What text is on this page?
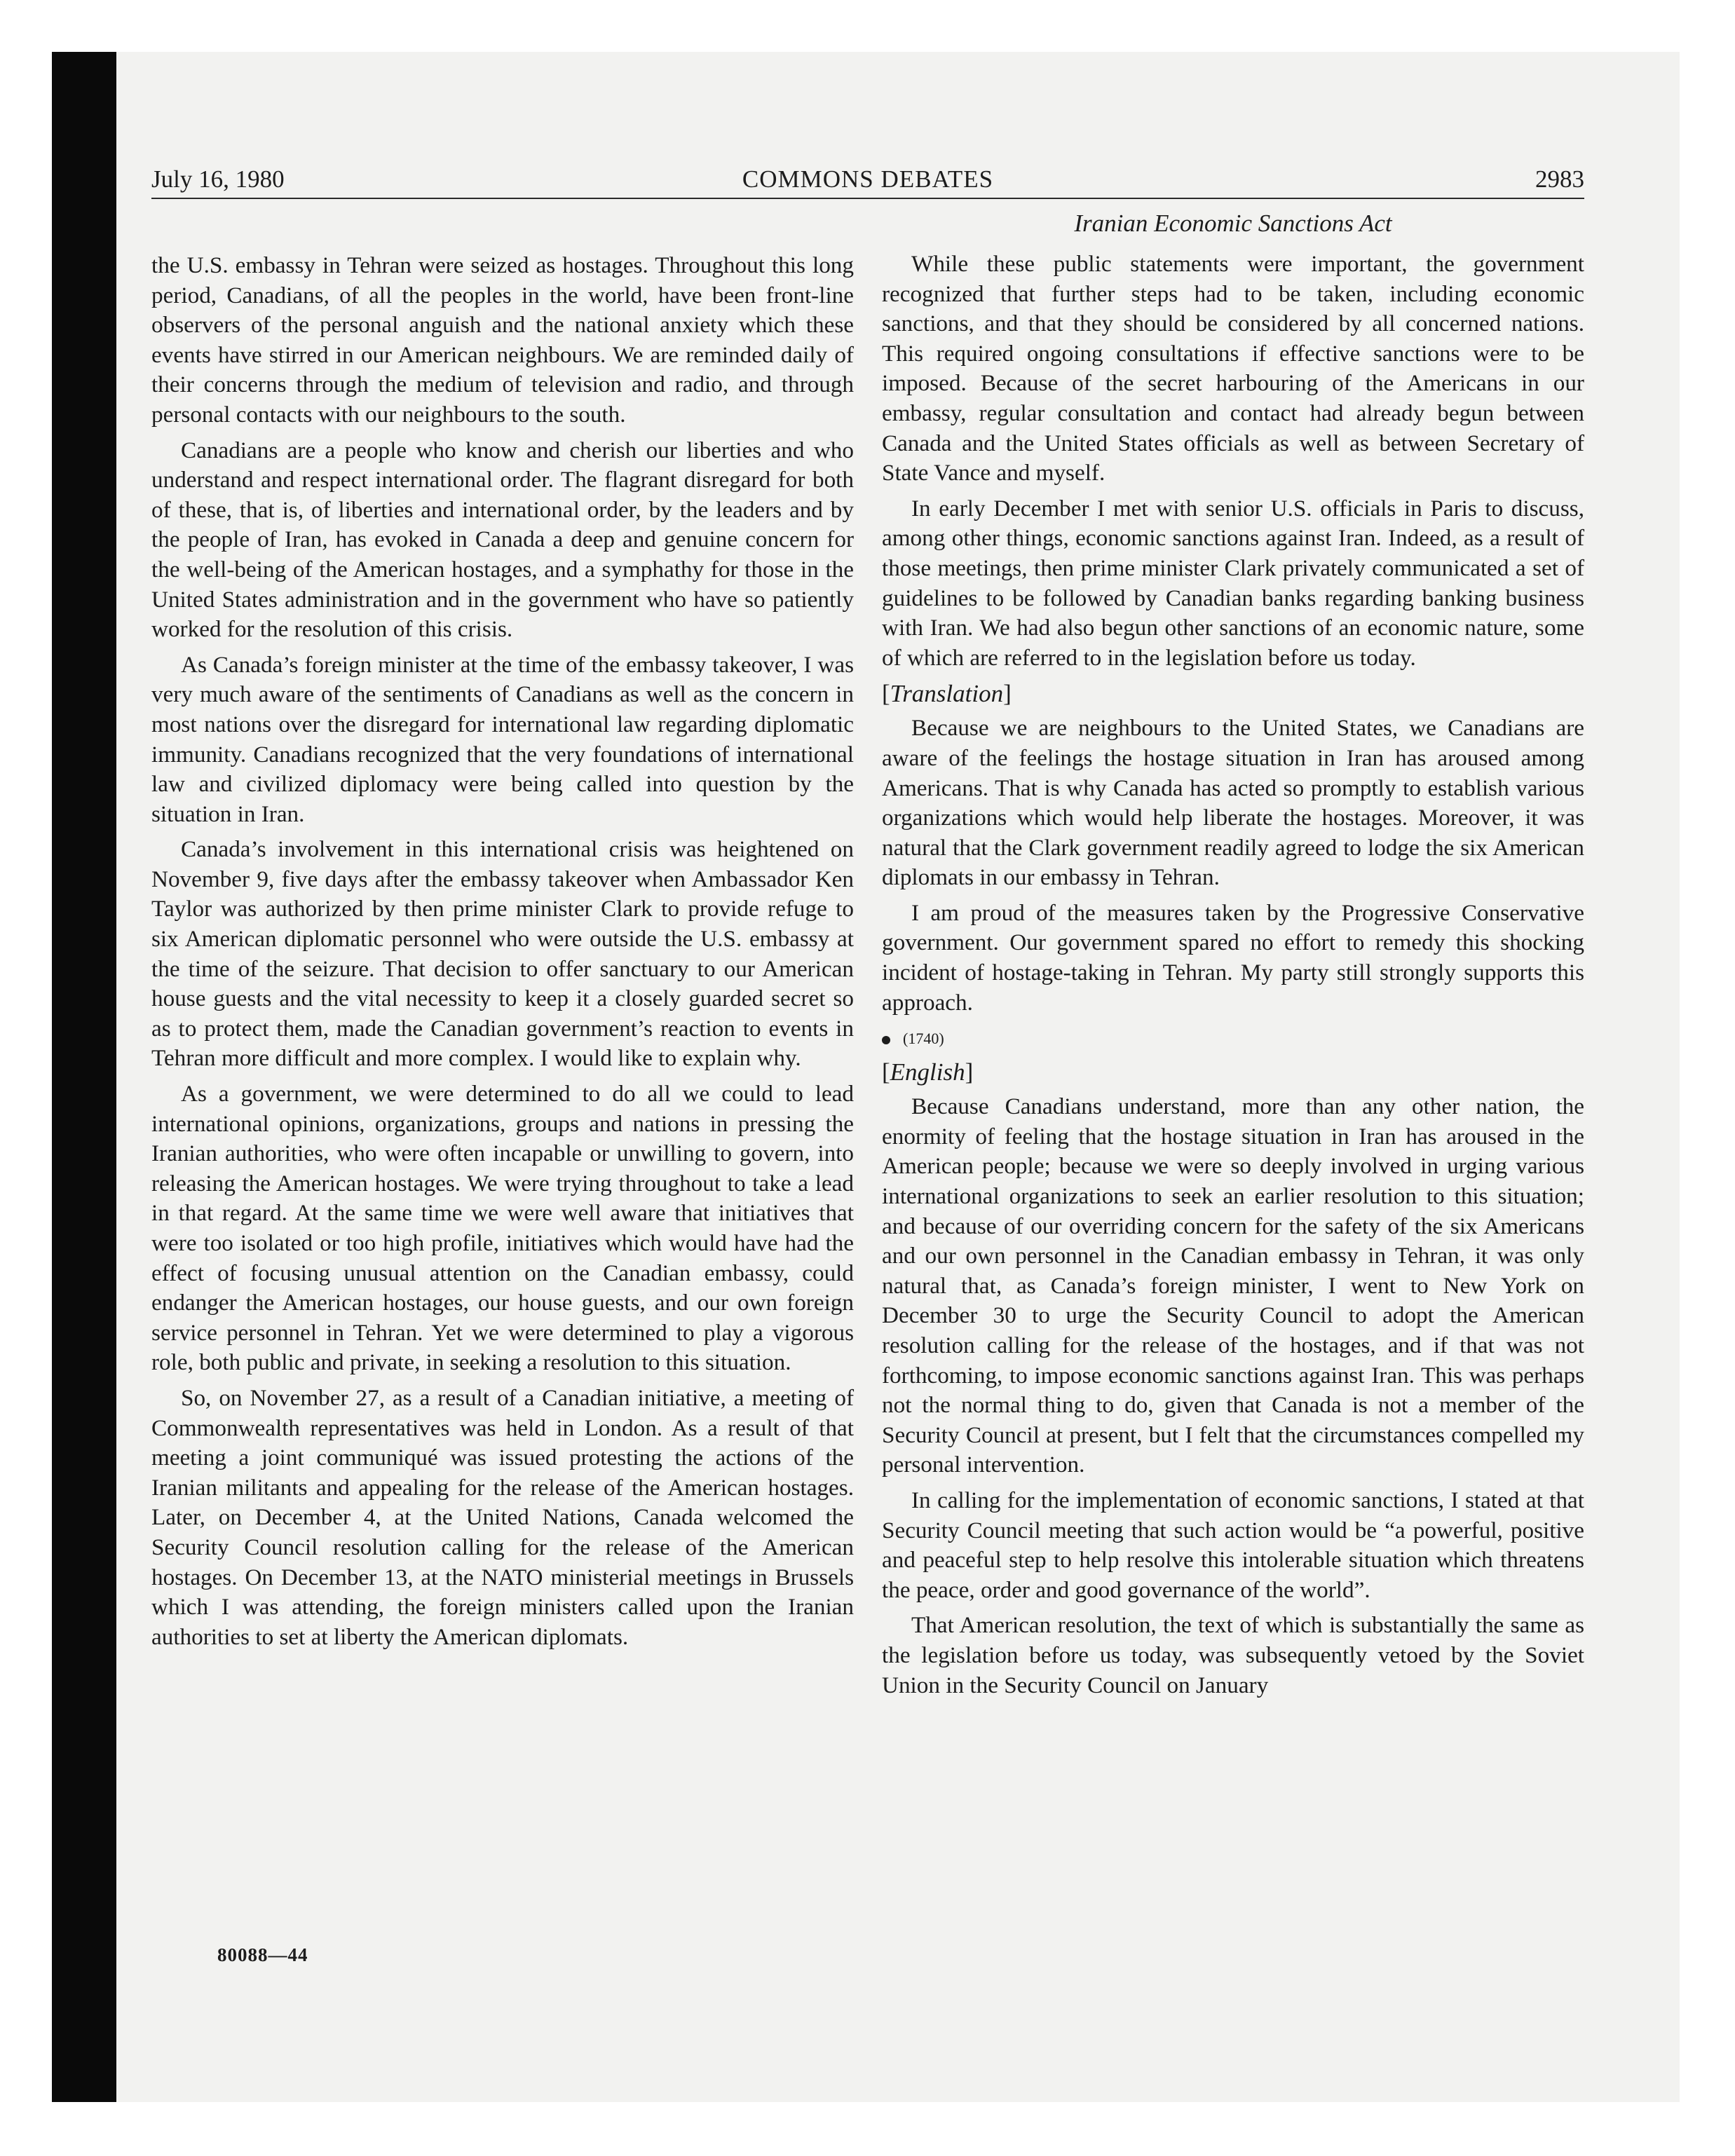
July 16, 1980	COMMONS DEBATES	2983
Iranian Economic Sanctions Act

the U.S. embassy in Tehran were seized as hostages. Throughout this long period, Canadians, of all the peoples in the world, have been front-line observers of the personal anguish and the national anxiety which these events have stirred in our American neighbours. We are reminded daily of their concerns through the medium of television and radio, and through personal contacts with our neighbours to the south.

Canadians are a people who know and cherish our liberties and who understand and respect international order. The flagrant disregard for both of these, that is, of liberties and international order, by the leaders and by the people of Iran, has evoked in Canada a deep and genuine concern for the well-being of the American hostages, and a symphathy for those in the United States administration and in the government who have so patiently worked for the resolution of this crisis.

As Canada’s foreign minister at the time of the embassy takeover, I was very much aware of the sentiments of Canadians as well as the concern in most nations over the disregard for international law regarding diplomatic immunity. Canadians recognized that the very foundations of international law and civilized diplomacy were being called into question by the situation in Iran.

Canada’s involvement in this international crisis was heightened on November 9, five days after the embassy takeover when Ambassador Ken Taylor was authorized by then prime minister Clark to provide refuge to six American diplomatic personnel who were outside the U.S. embassy at the time of the seizure. That decision to offer sanctuary to our American house guests and the vital necessity to keep it a closely guarded secret so as to protect them, made the Canadian government’s reaction to events in Tehran more difficult and more complex. I would like to explain why.

As a government, we were determined to do all we could to lead international opinions, organizations, groups and nations in pressing the Iranian authorities, who were often incapable or unwilling to govern, into releasing the American hostages. We were trying throughout to take a lead in that regard. At the same time we were well aware that initiatives that were too isolated or too high profile, initiatives which would have had the effect of focusing unusual attention on the Canadian embassy, could endanger the American hostages, our house guests, and our own foreign service personnel in Tehran. Yet we were determined to play a vigorous role, both public and private, in seeking a resolution to this situation.

So, on November 27, as a result of a Canadian initiative, a meeting of Commonwealth representatives was held in London. As a result of that meeting a joint communiqué was issued protesting the actions of the Iranian militants and appealing for the release of the American hostages. Later, on December 4, at the United Nations, Canada welcomed the Security Council resolution calling for the release of the American hostages. On December 13, at the NATO ministerial meetings in Brussels which I was attending, the foreign ministers called upon the Iranian authorities to set at liberty the American diplomats.

While these public statements were important, the government recognized that further steps had to be taken, including economic sanctions, and that they should be considered by all concerned nations. This required ongoing consultations if effective sanctions were to be imposed. Because of the secret harbouring of the Americans in our embassy, regular consultation and contact had already begun between Canada and the United States officials as well as between Secretary of State Vance and myself.

In early December I met with senior U.S. officials in Paris to discuss, among other things, economic sanctions against Iran. Indeed, as a result of those meetings, then prime minister Clark privately communicated a set of guidelines to be followed by Canadian banks regarding banking business with Iran. We had also begun other sanctions of an economic nature, some of which are referred to in the legislation before us today.

[Translation]

Because we are neighbours to the United States, we Canadians are aware of the feelings the hostage situation in Iran has aroused among Americans. That is why Canada has acted so promptly to establish various organizations which would help liberate the hostages. Moreover, it was natural that the Clark government readily agreed to lodge the six American diplomats in our embassy in Tehran.

I am proud of the measures taken by the Progressive Conservative government. Our government spared no effort to remedy this shocking incident of hostage-taking in Tehran. My party still strongly supports this approach.

(1740)
[English]

Because Canadians understand, more than any other nation, the enormity of feeling that the hostage situation in Iran has aroused in the American people; because we were so deeply involved in urging various international organizations to seek an earlier resolution to this situation; and because of our overriding concern for the safety of the six Americans and our own personnel in the Canadian embassy in Tehran, it was only natural that, as Canada’s foreign minister, I went to New York on December 30 to urge the Security Council to adopt the American resolution calling for the release of the hostages, and if that was not forthcoming, to impose economic sanctions against Iran. This was perhaps not the normal thing to do, given that Canada is not a member of the Security Council at present, but I felt that the circumstances compelled my personal intervention.

In calling for the implementation of economic sanctions, I stated at that Security Council meeting that such action would be “a powerful, positive and peaceful step to help resolve this intolerable situation which threatens the peace, order and good governance of the world”.

That American resolution, the text of which is substantially the same as the legislation before us today, was subsequently vetoed by the Soviet Union in the Security Council on January

80088—44
